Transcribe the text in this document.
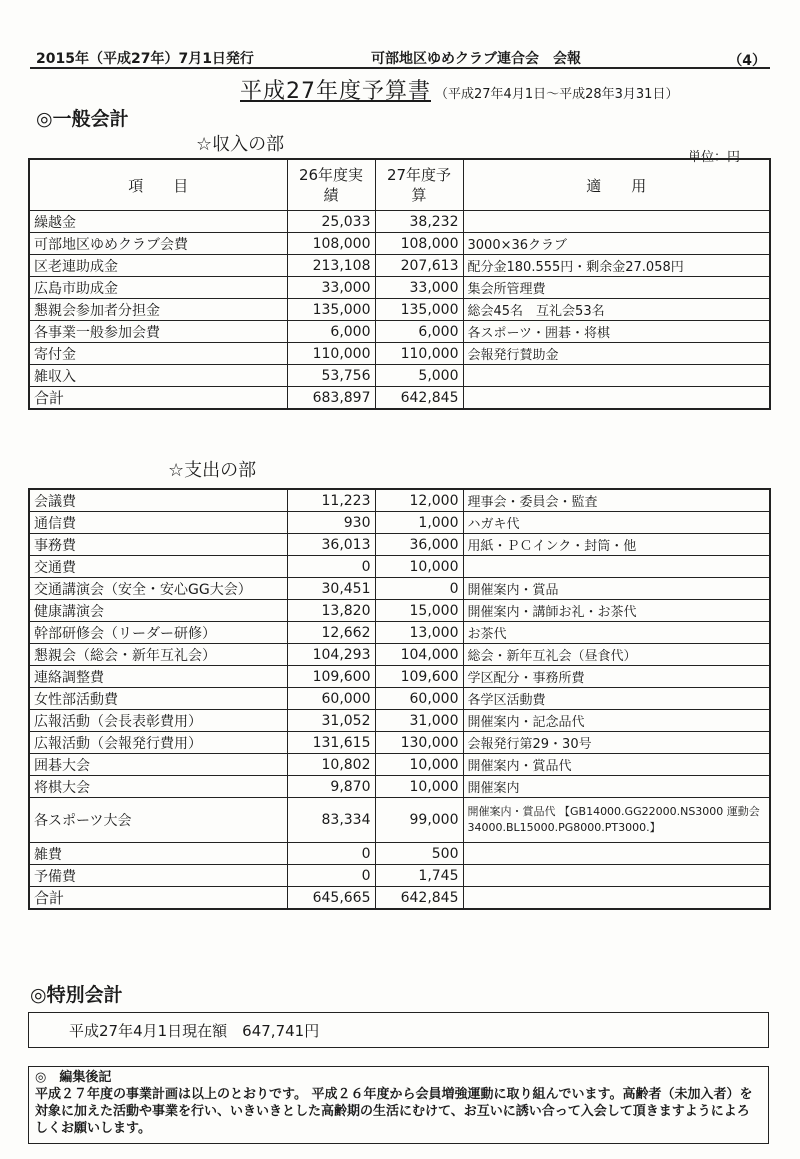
2015年（平成27年）7月1日発行	可部地区ゆめクラブ連合会　会報	（4）
平成27年度予算書 （平成27年4月1日～平成28年3月31日）
◎一般会計
☆収入の部
単位：円
項　　目	26年度実績	27年度予算	適　　用
繰越金	25,033	38,232	
可部地区ゆめクラブ会費	108,000	108,000	3000×36クラブ
区老連助成金	213,108	207,613	配分金180.555円・剰余金27.058円
広島市助成金	33,000	33,000	集会所管理費
懇親会参加者分担金	135,000	135,000	総会45名　互礼会53名
各事業一般参加会費	6,000	6,000	各スポーツ・囲碁・将棋
寄付金	110,000	110,000	会報発行賛助金
雑収入	53,756	5,000	
合計	683,897	642,845	
☆支出の部
会議費	11,223	12,000	理事会・委員会・監査
通信費	930	1,000	ハガキ代
事務費	36,013	36,000	用紙・ＰＣインク・封筒・他
交通費	0	10,000	
交通講演会（安全・安心GG大会）	30,451	0	開催案内・賞品
健康講演会	13,820	15,000	開催案内・講師お礼・お茶代
幹部研修会（リーダー研修）	12,662	13,000	お茶代
懇親会（総会・新年互礼会）	104,293	104,000	総会・新年互礼会（昼食代）
連絡調整費	109,600	109,600	学区配分・事務所費
女性部活動費	60,000	60,000	各学区活動費
広報活動（会長表彰費用）	31,052	31,000	開催案内・記念品代
広報活動（会報発行費用）	131,615	130,000	会報発行第29・30号
囲碁大会	10,802	10,000	開催案内・賞品代
将棋大会	9,870	10,000	開催案内
各スポーツ大会	83,334	99,000	開催案内・賞品代 【GB14000.GG22000.NS3000 運動会34000.BL15000.PG8000.PT3000.】
雑費	0	500	
予備費	0	1,745	
合計	645,665	642,845	
◎特別会計
平成27年4月1日現在額　647,741円
◎　編集後記
平成２７年度の事業計画は以上のとおりです。 平成２６年度から会員増強運動に取り組んでいます。高齢者（未加入者）を対象に加えた活動や事業を行い、いきいきとした高齢期の生活にむけて、お互いに誘い合って入会して頂きますようによろしくお願いします。
